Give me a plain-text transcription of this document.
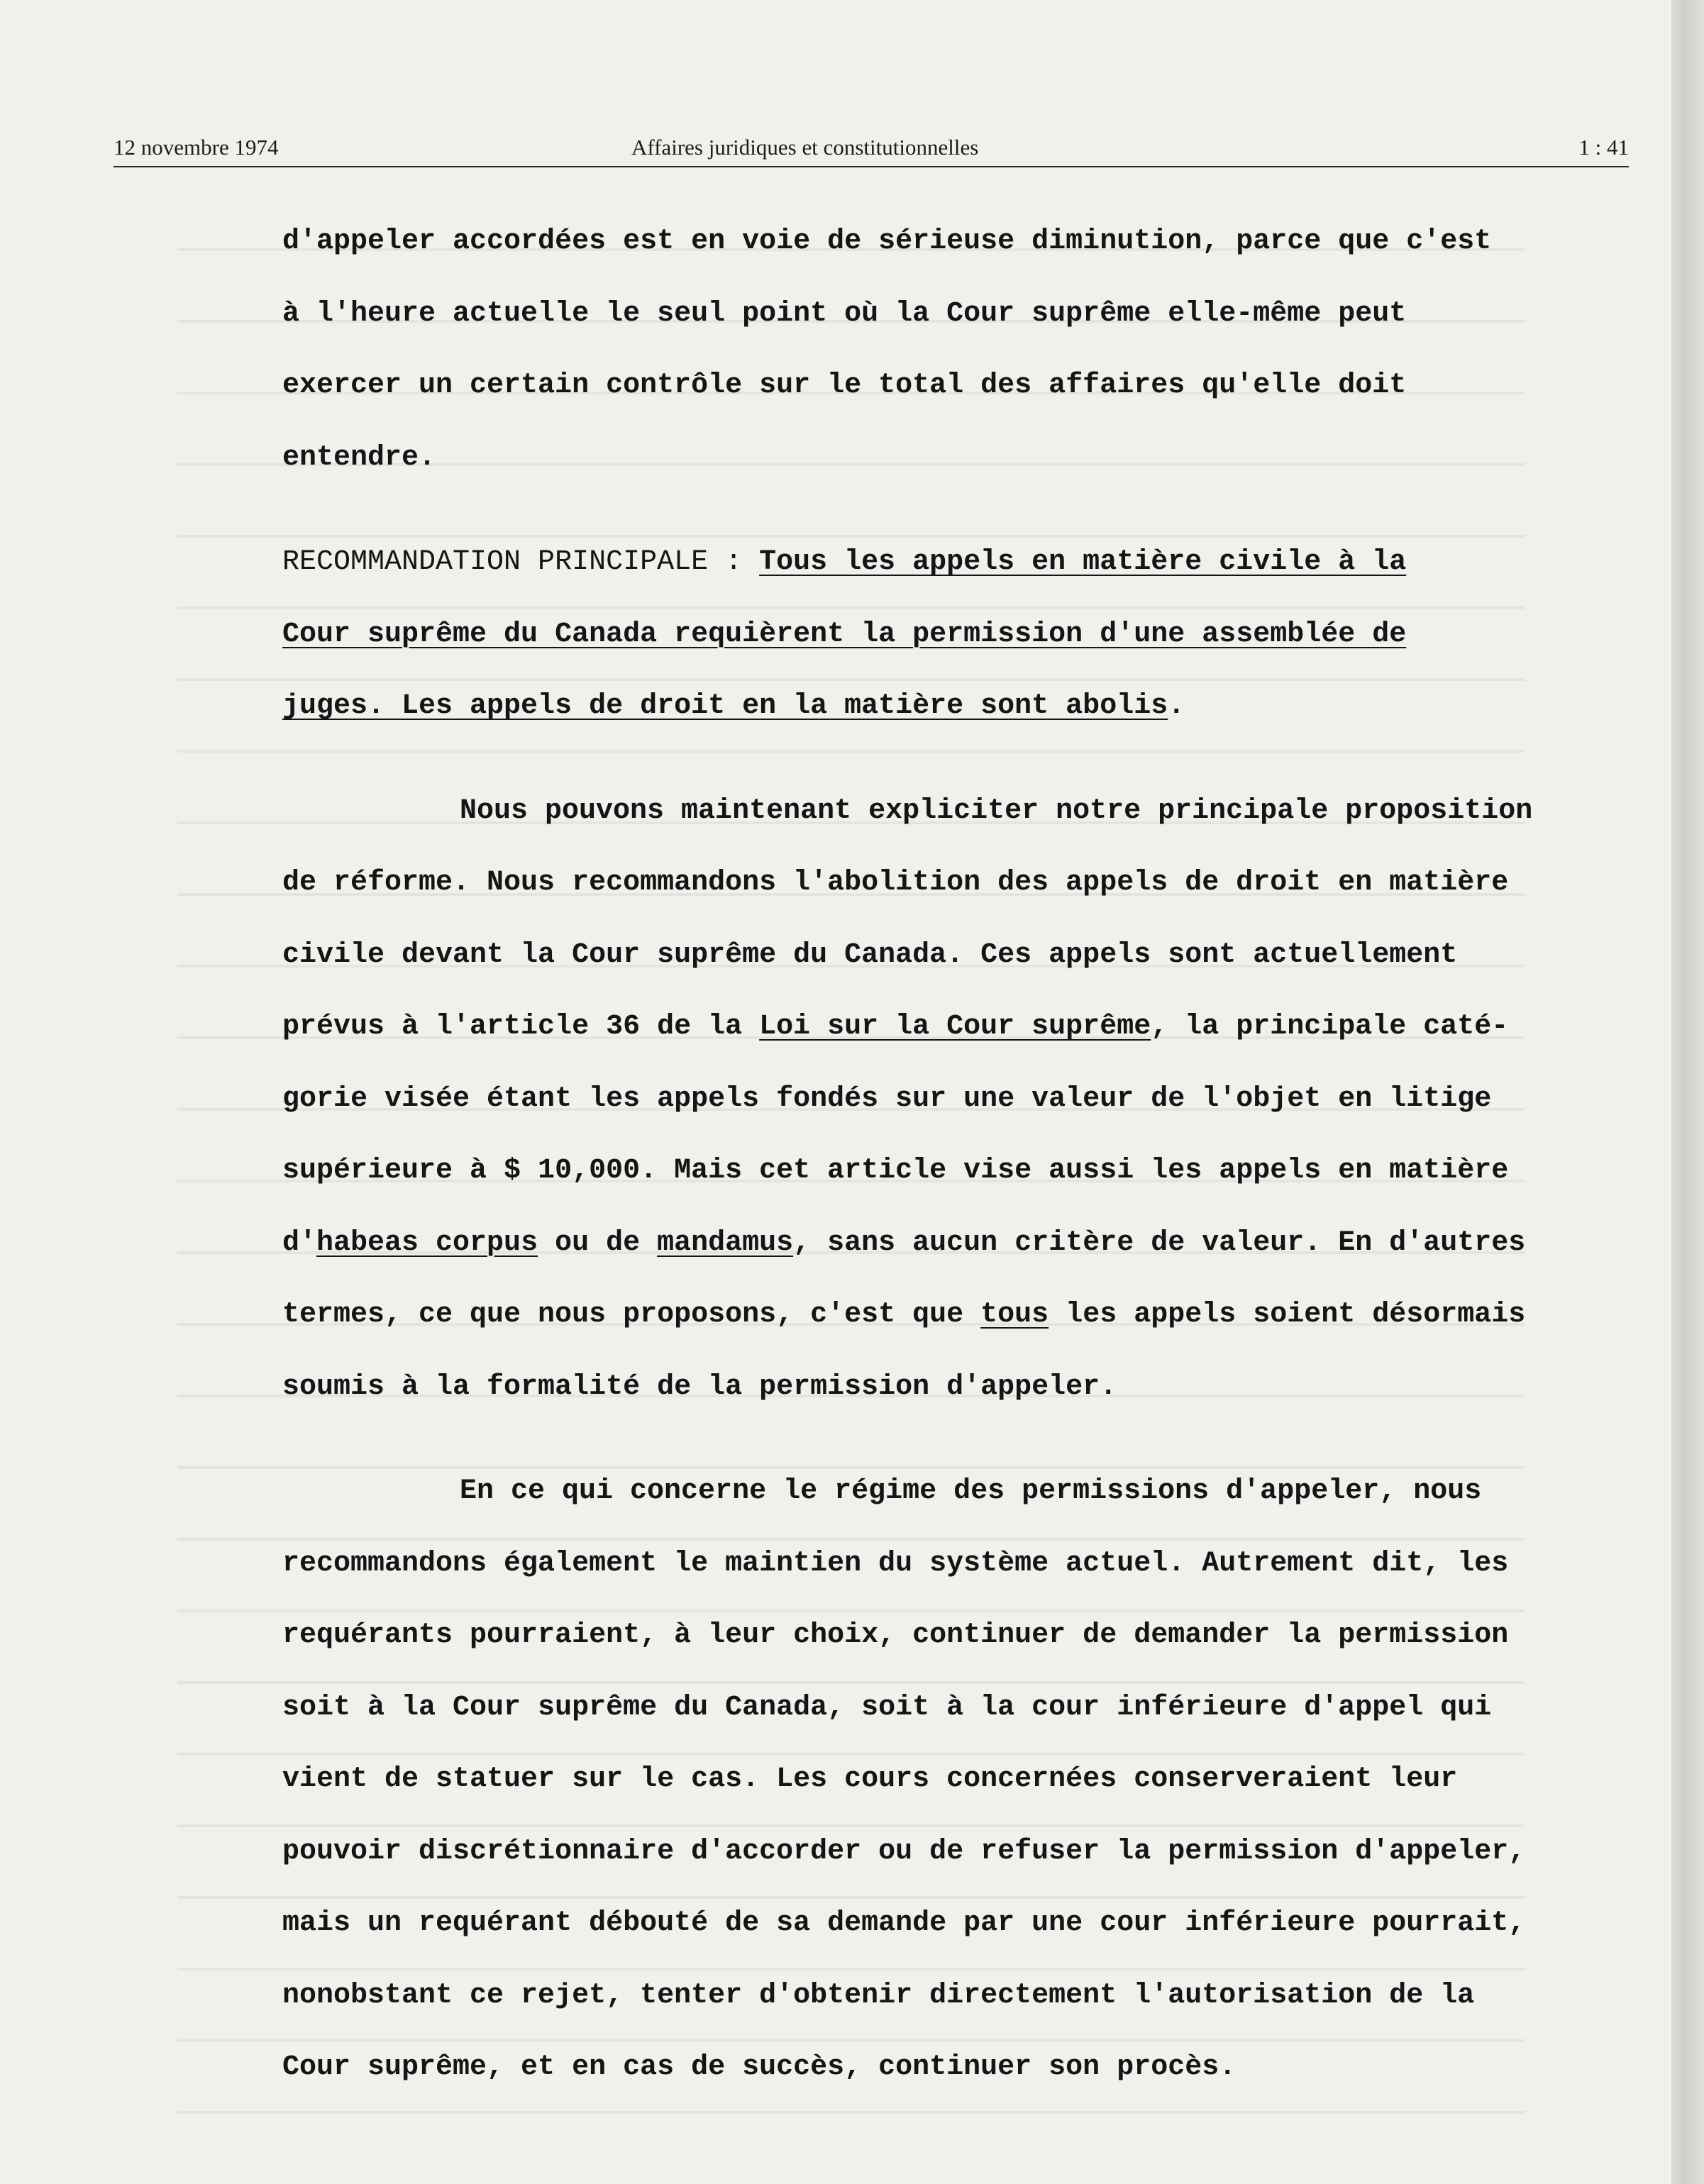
12 novembre 1974	Affaires juridiques et constitutionnelles	1 : 41

d'appeler accordées est en voie de sérieuse diminution, parce que c'est

à l'heure actuelle le seul point où la Cour suprême elle-même peut

exercer un certain contrôle sur le total des affaires qu'elle doit

entendre.

RECOMMANDATION PRINCIPALE : Tous les appels en matière civile à la

Cour suprême du Canada requièrent la permission d'une assemblée de

juges. Les appels de droit en la matière sont abolis.

Nous pouvons maintenant expliciter notre principale proposition

de réforme. Nous recommandons l'abolition des appels de droit en matière

civile devant la Cour suprême du Canada. Ces appels sont actuellement

prévus à l'article 36 de la Loi sur la Cour suprême, la principale caté-

gorie visée étant les appels fondés sur une valeur de l'objet en litige

supérieure à $ 10,000. Mais cet article vise aussi les appels en matière

d'habeas corpus ou de mandamus, sans aucun critère de valeur. En d'autres

termes, ce que nous proposons, c'est que tous les appels soient désormais

soumis à la formalité de la permission d'appeler.

En ce qui concerne le régime des permissions d'appeler, nous

recommandons également le maintien du système actuel. Autrement dit, les

requérants pourraient, à leur choix, continuer de demander la permission

soit à la Cour suprême du Canada, soit à la cour inférieure d'appel qui

vient de statuer sur le cas. Les cours concernées conserveraient leur

pouvoir discrétionnaire d'accorder ou de refuser la permission d'appeler,

mais un requérant débouté de sa demande par une cour inférieure pourrait,

nonobstant ce rejet, tenter d'obtenir directement l'autorisation de la

Cour suprême, et en cas de succès, continuer son procès.
